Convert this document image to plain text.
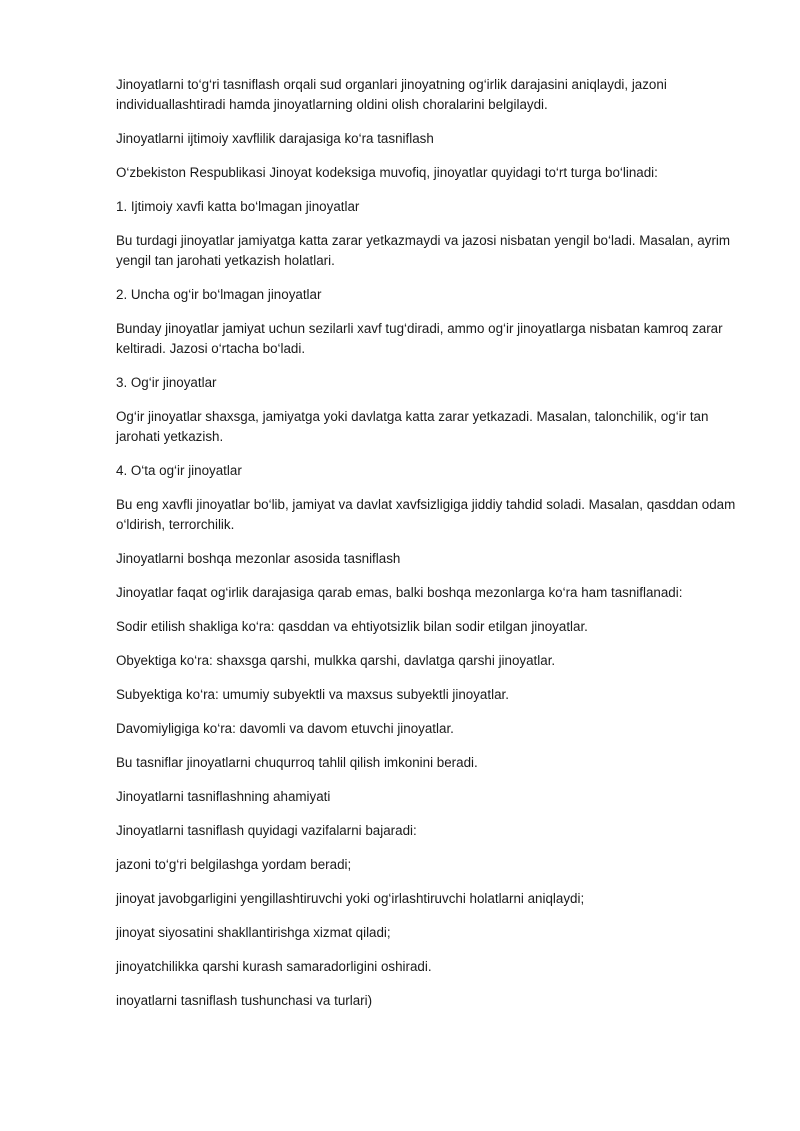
Jinoyatlarni to‘g‘ri tasniflash orqali sud organlari jinoyatning og‘irlik darajasini aniqlaydi, jazoni individuallashtiradi hamda jinoyatlarning oldini olish choralarini belgilaydi.

Jinoyatlarni ijtimoiy xavflilik darajasiga ko‘ra tasniflash

O‘zbekiston Respublikasi Jinoyat kodeksiga muvofiq, jinoyatlar quyidagi to‘rt turga bo‘linadi:

1. Ijtimoiy xavfi katta bo‘lmagan jinoyatlar

Bu turdagi jinoyatlar jamiyatga katta zarar yetkazmaydi va jazosi nisbatan yengil bo‘ladi. Masalan, ayrim yengil tan jarohati yetkazish holatlari.

2. Uncha og‘ir bo‘lmagan jinoyatlar

Bunday jinoyatlar jamiyat uchun sezilarli xavf tug‘diradi, ammo og‘ir jinoyatlarga nisbatan kamroq zarar keltiradi. Jazosi o‘rtacha bo‘ladi.

3. Og‘ir jinoyatlar

Og‘ir jinoyatlar shaxsga, jamiyatga yoki davlatga katta zarar yetkazadi. Masalan, talonchilik, og‘ir tan jarohati yetkazish.

4. O‘ta og‘ir jinoyatlar

Bu eng xavfli jinoyatlar bo‘lib, jamiyat va davlat xavfsizligiga jiddiy tahdid soladi. Masalan, qasddan odam o‘ldirish, terrorchilik.

Jinoyatlarni boshqa mezonlar asosida tasniflash

Jinoyatlar faqat og‘irlik darajasiga qarab emas, balki boshqa mezonlarga ko‘ra ham tasniflanadi:

Sodir etilish shakliga ko‘ra: qasddan va ehtiyotsizlik bilan sodir etilgan jinoyatlar.

Obyektiga ko‘ra: shaxsga qarshi, mulkka qarshi, davlatga qarshi jinoyatlar.

Subyektiga ko‘ra: umumiy subyektli va maxsus subyektli jinoyatlar.

Davomiyligiga ko‘ra: davomli va davom etuvchi jinoyatlar.

Bu tasniflar jinoyatlarni chuqurroq tahlil qilish imkonini beradi.

Jinoyatlarni tasniflashning ahamiyati

Jinoyatlarni tasniflash quyidagi vazifalarni bajaradi:

jazoni to‘g‘ri belgilashga yordam beradi;

jinoyat javobgarligini yengillashtiruvchi yoki og‘irlashtiruvchi holatlarni aniqlaydi;

jinoyat siyosatini shakllantirishga xizmat qiladi;

jinoyatchilikka qarshi kurash samaradorligini oshiradi.

inoyatlarni tasniflash tushunchasi va turlari)
